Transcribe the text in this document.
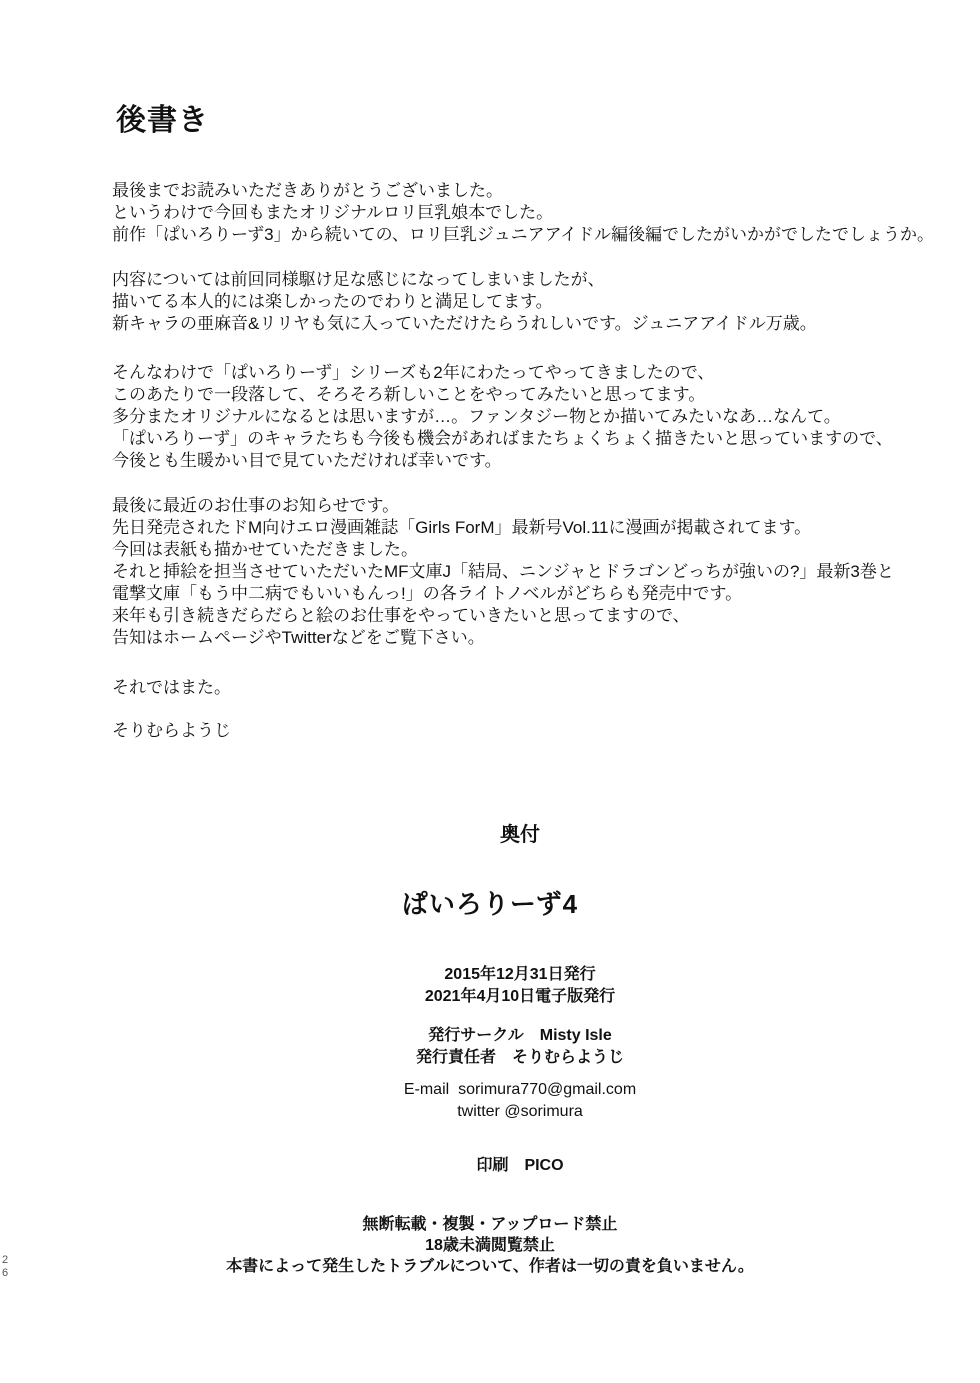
後書き
最後までお読みいただきありがとうございました。
というわけで今回もまたオリジナルロリ巨乳娘本でした。
前作「ぱいろりーず3」から続いての、ロリ巨乳ジュニアアイドル編後編でしたがいかがでしたでしょうか。
内容については前回同様駆け足な感じになってしまいましたが、
描いてる本人的には楽しかったのでわりと満足してます。
新キャラの亜麻音&リリヤも気に入っていただけたらうれしいです。ジュニアアイドル万歳。
そんなわけで「ぱいろりーず」シリーズも2年にわたってやってきましたので、
このあたりで一段落して、そろそろ新しいことをやってみたいと思ってます。
多分またオリジナルになるとは思いますが…。ファンタジー物とか描いてみたいなあ…なんて。
「ぱいろりーず」のキャラたちも今後も機会があればまたちょくちょく描きたいと思っていますので、
今後とも生暖かい目で見ていただければ幸いです。
最後に最近のお仕事のお知らせです。
先日発売されたドM向けエロ漫画雑誌「Girls ForM」最新号Vol.11に漫画が掲載されてます。
今回は表紙も描かせていただきました。
それと挿絵を担当させていただいたMF文庫J「結局、ニンジャとドラゴンどっちが強いの?」最新3巻と
電撃文庫「もう中二病でもいいもんっ!」の各ライトノベルがどちらも発売中です。
来年も引き続きだらだらと絵のお仕事をやっていきたいと思ってますので、
告知はホームページやTwitterなどをご覧下さい。
それではまた。
そりむらようじ
奥付
ぱいろりーず4
2015年12月31日発行
2021年4月10日電子版発行
発行サークル　Misty Isle
発行責任者　そりむらようじ
E-mail  sorimura770@gmail.com
twitter @sorimura
印刷　PICO
無断転載・複製・アップロード禁止
18歳未満閲覧禁止
本書によって発生したトラブルについて、作者は一切の責を負いません。
2
6
